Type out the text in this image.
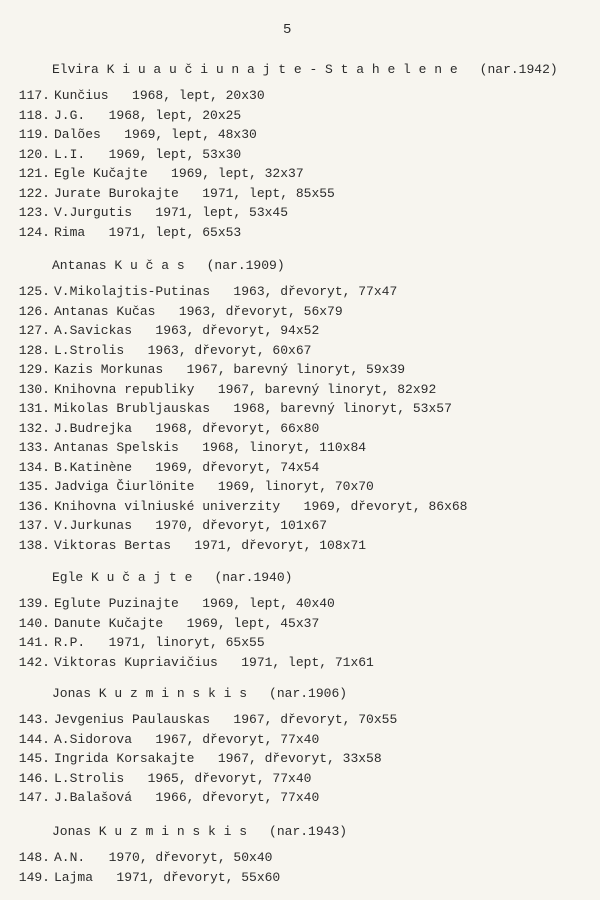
5
Elvira K i u a u č i u n a j t e - S t a h e l e n e (nar.1942)
117. Kunčius   1968, lept, 20x30
118. J.G.   1968, lept, 20x25
119. Dalões   1969, lept, 48x30
120. L.I.   1969, lept, 53x30
121. Egle Kučajte   1969, lept, 32x37
122. Jurate Burokajte   1971, lept, 85x55
123. V.Jurgutis   1971, lept, 53x45
124. Rima   1971, lept, 65x53
Antanas K u č a s (nar.1909)
125. V.Mikolajtis-Putinas   1963, dřevoryt, 77x47
126. Antanas Kučas   1963, dřevoryt, 56x79
127. A.Savickas   1963, dřevoryt, 94x52
128. L.Strolis   1963, dřevoryt, 60x67
129. Kazis Morkunas   1967, barevný linoryt, 59x39
130. Knihovna republiky   1967, barevný linoryt, 82x92
131. Mikolas Brubljauskas   1968, barevný linoryt, 53x57
132. J.Budrejka   1968, dřevoryt, 66x80
133. Antanas Spelskis   1968, linoryt, 110x84
134. B.Katinène   1969, dřevoryt, 74x54
135. Jadviga Čiurlönite   1969, linoryt, 70x70
136. Knihovna vilniuské univerzity   1969, dřevoryt, 86x68
137. V.Jurkunas   1970, dřevoryt, 101x67
138. Viktoras Bertas   1971, dřevoryt, 108x71
Egle K u č a j t e (nar.1940)
139. Eglute Puzinajte   1969, lept, 40x40
140. Danute Kučajte   1969, lept, 45x37
141. R.P.   1971, linoryt, 65x55
142. Viktoras Kupriavičius   1971, lept, 71x61
Jonas K u z m i n s k i s (nar.1906)
143. Jevgenius Paulauskas   1967, dřevoryt, 70x55
144. A.Sidorova   1967, dřevoryt, 77x40
145. Ingrida Korsakajte   1967, dřevoryt, 33x58
146. L.Strolis   1965, dřevoryt, 77x40
147. J.Balašová   1966, dřevoryt, 77x40
Jonas K u z m i n s k i s (nar.1943)
148. A.N.   1970, dřevoryt, 50x40
149. Lajma   1971, dřevoryt, 55x60
